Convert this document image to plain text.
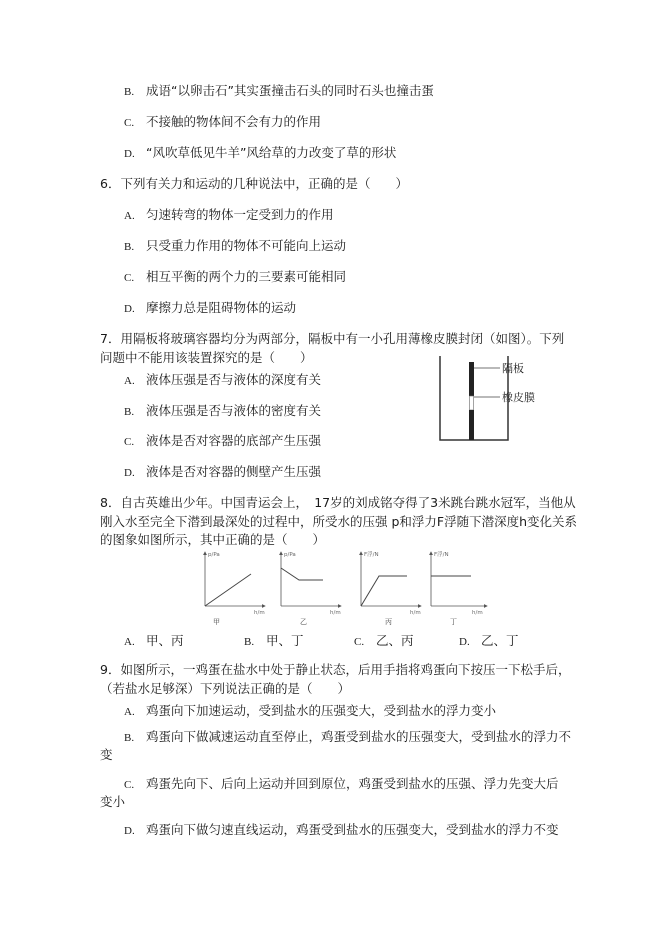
B. 成语“以卵击石”其实蛋撞击石头的同时石头也撞击蛋
C. 不接触的物体间不会有力的作用
D. “风吹草低见牛羊”风给草的力改变了草的形状
6．下列有关力和运动的几种说法中，正确的是（　　）
A. 匀速转弯的物体一定受到力的作用
B. 只受重力作用的物体不可能向上运动
C. 相互平衡的两个力的三要素可能相同
D. 摩擦力总是阻碍物体的运动
7．用隔板将玻璃容器均分为两部分，隔板中有一小孔用薄橡皮膜封闭（如图）。下列
问题中不能用该装置探究的是（　　）
A. 液体压强是否与液体的深度有关
B. 液体压强是否与液体的密度有关
C. 液体是否对容器的底部产生压强
D. 液体是否对容器的侧壁产生压强
隔板
橡皮膜
8．自古英雄出少年。中国青运会上，　17岁的刘成铭夺得了3米跳台跳水冠军，当他从
刚入水至完全下潜到最深处的过程中，所受水的压强 p和浮力F浮随下潜深度h变化关系
的图象如图所示，其中正确的是（　　）
p/Pa
h/m
甲
p/Pa
h/m
乙
F浮/N
h/m
丙
F浮/N
h/m
丁
A. 甲、丙	B. 甲、丁	C. 乙、丙	D. 乙、丁
9．如图所示，一鸡蛋在盐水中处于静止状态，后用手指将鸡蛋向下按压一下松手后，
（若盐水足够深）下列说法正确的是（　　）
A. 鸡蛋向下加速运动，受到盐水的压强变大，受到盐水的浮力变小
B. 鸡蛋向下做减速运动直至停止，鸡蛋受到盐水的压强变大，受到盐水的浮力不
变
C. 鸡蛋先向下、后向上运动并回到原位，鸡蛋受到盐水的压强、浮力先变大后
变小
D. 鸡蛋向下做匀速直线运动，鸡蛋受到盐水的压强变大，受到盐水的浮力不变
